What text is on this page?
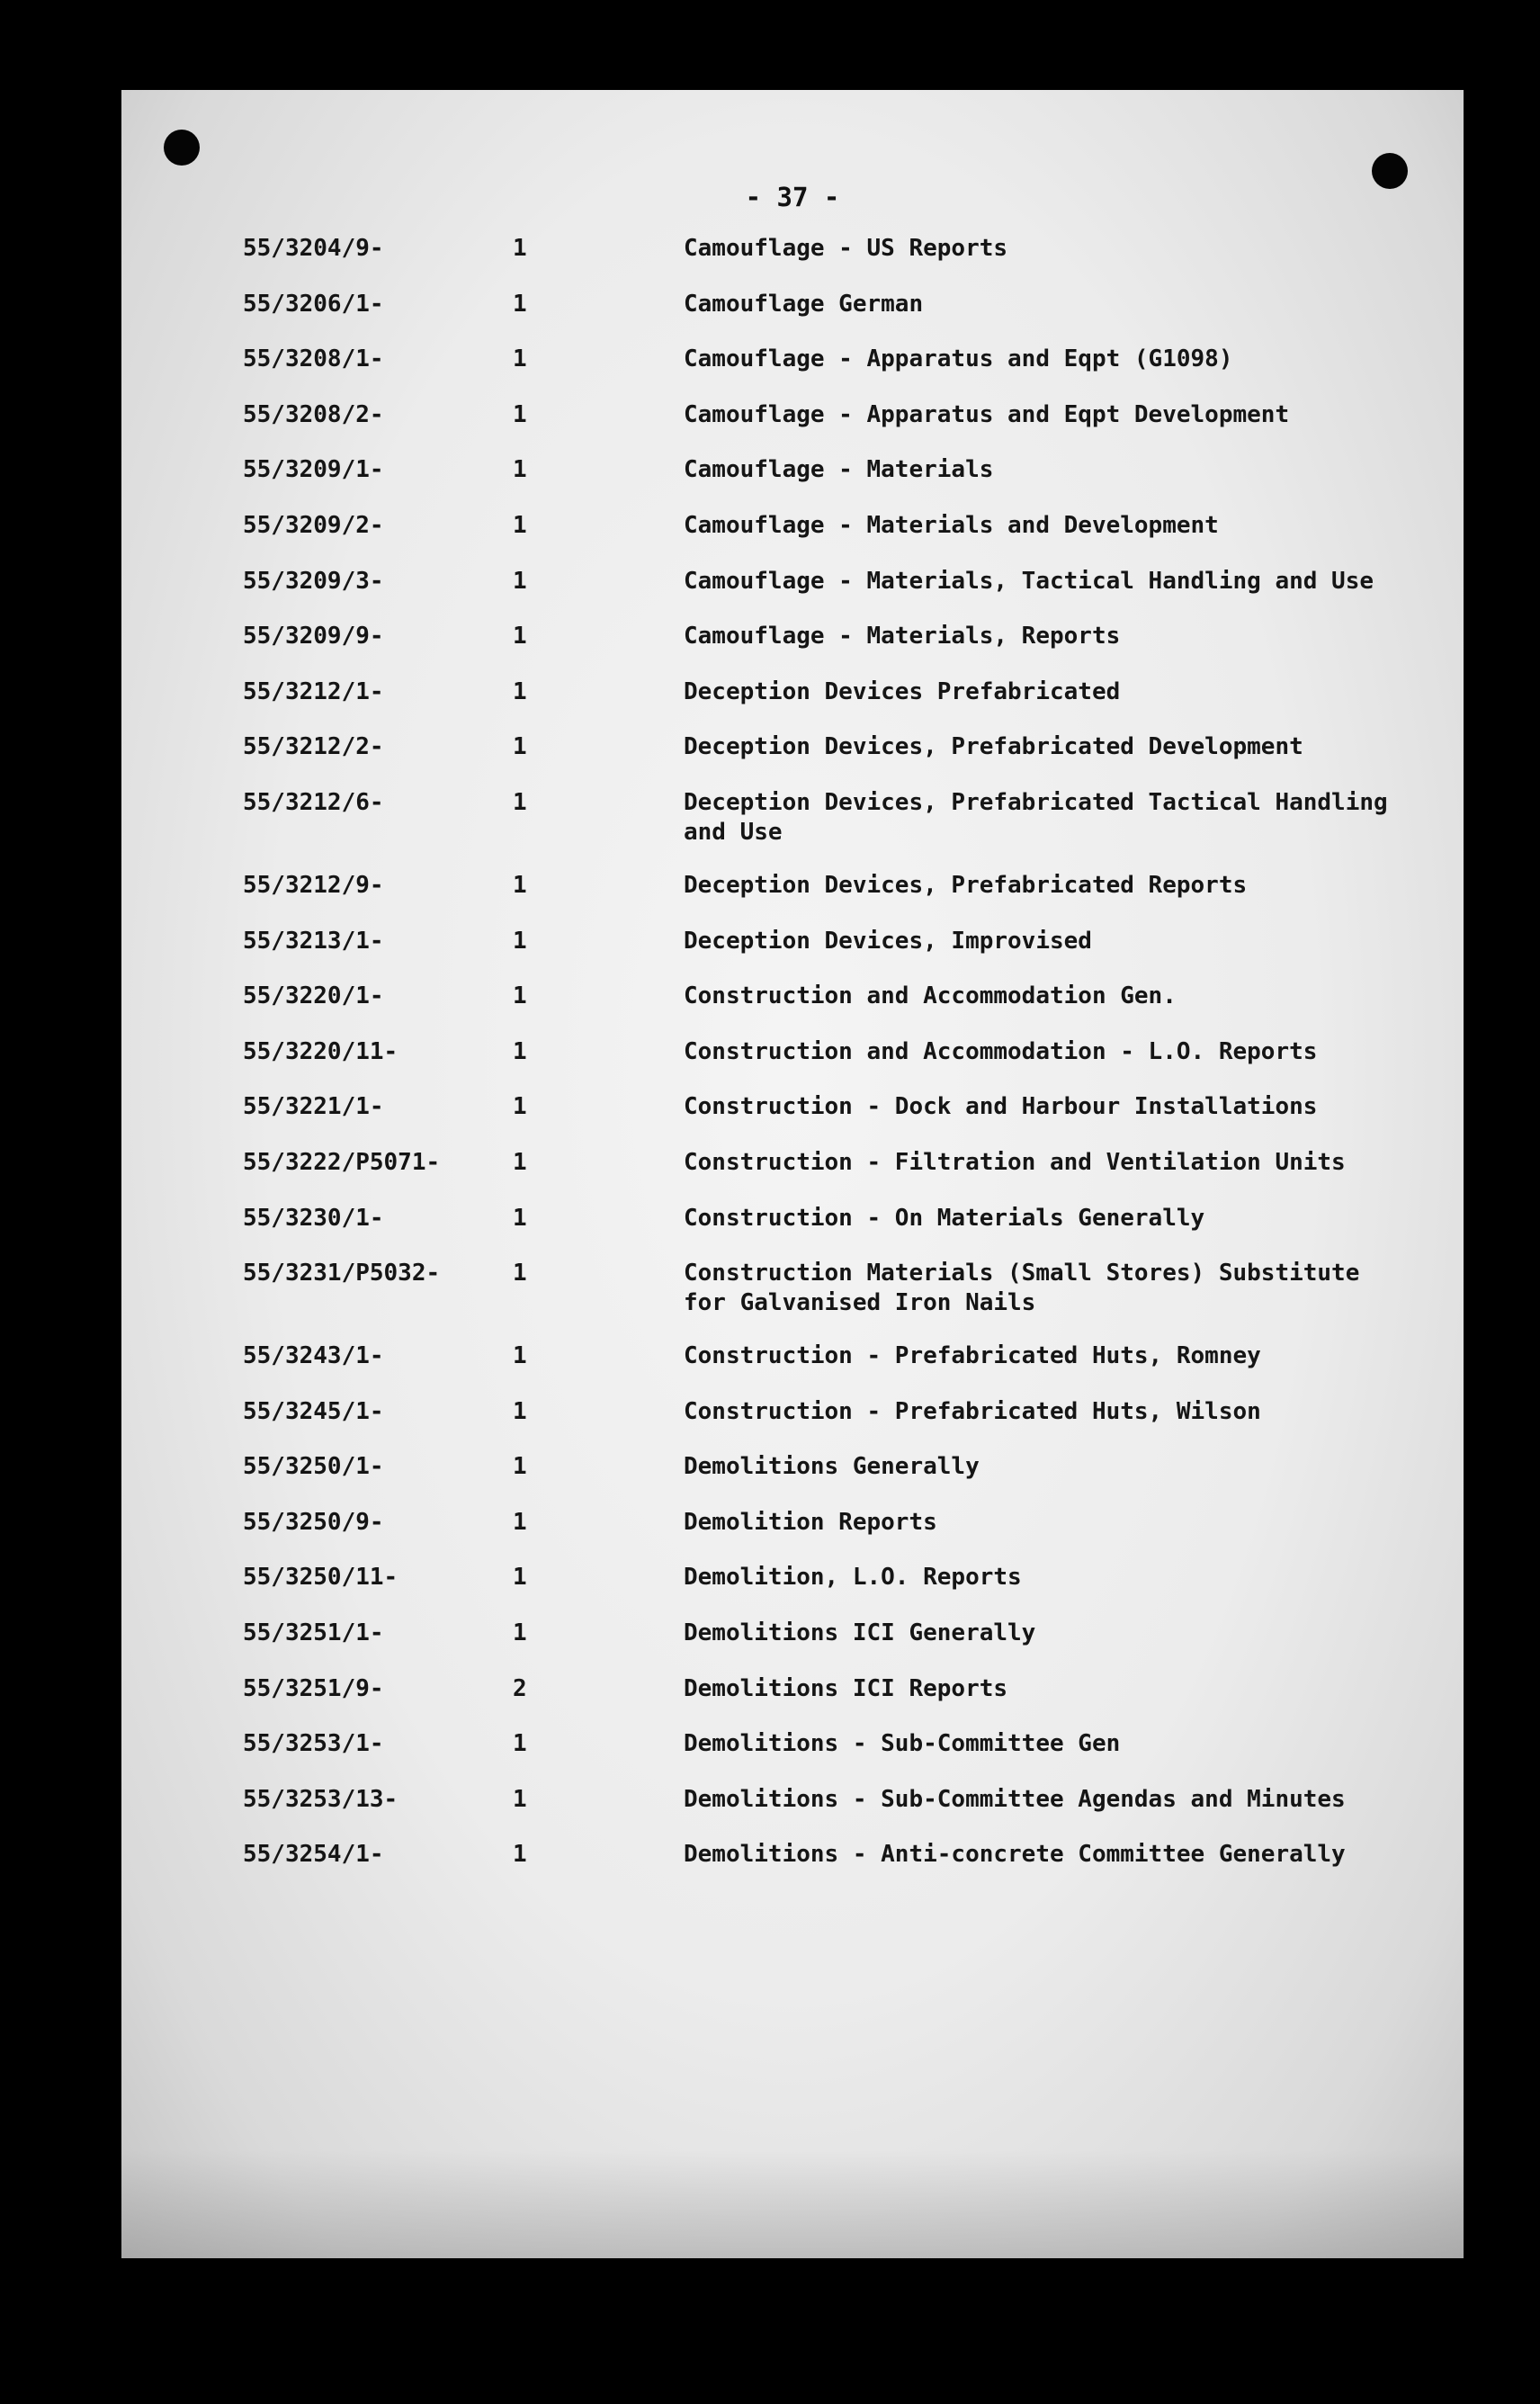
- 37 -
55/3204/9-	1	Camouflage - US Reports
55/3206/1-	1	Camouflage German
55/3208/1-	1	Camouflage - Apparatus and Eqpt (G1098)
55/3208/2-	1	Camouflage - Apparatus and Eqpt Development
55/3209/1-	1	Camouflage - Materials
55/3209/2-	1	Camouflage - Materials and Development
55/3209/3-	1	Camouflage - Materials, Tactical Handling and Use
55/3209/9-	1	Camouflage - Materials, Reports
55/3212/1-	1	Deception Devices Prefabricated
55/3212/2-	1	Deception Devices, Prefabricated Development
55/3212/6-	1	Deception Devices, Prefabricated Tactical Handling and Use
55/3212/9-	1	Deception Devices, Prefabricated Reports
55/3213/1-	1	Deception Devices, Improvised
55/3220/1-	1	Construction and Accommodation Gen.
55/3220/11-	1	Construction and Accommodation - L.O. Reports
55/3221/1-	1	Construction - Dock and Harbour Installations
55/3222/P5071-	1	Construction - Filtration and Ventilation Units
55/3230/1-	1	Construction - On Materials Generally
55/3231/P5032-	1	Construction Materials (Small Stores) Substitute for Galvanised Iron Nails
55/3243/1-	1	Construction - Prefabricated Huts, Romney
55/3245/1-	1	Construction - Prefabricated Huts, Wilson
55/3250/1-	1	Demolitions Generally
55/3250/9-	1	Demolition Reports
55/3250/11-	1	Demolition, L.O. Reports
55/3251/1-	1	Demolitions ICI Generally
55/3251/9-	2	Demolitions ICI Reports
55/3253/1-	1	Demolitions - Sub-Committee Gen
55/3253/13-	1	Demolitions - Sub-Committee Agendas and Minutes
55/3254/1-	1	Demolitions - Anti-concrete Committee Generally
